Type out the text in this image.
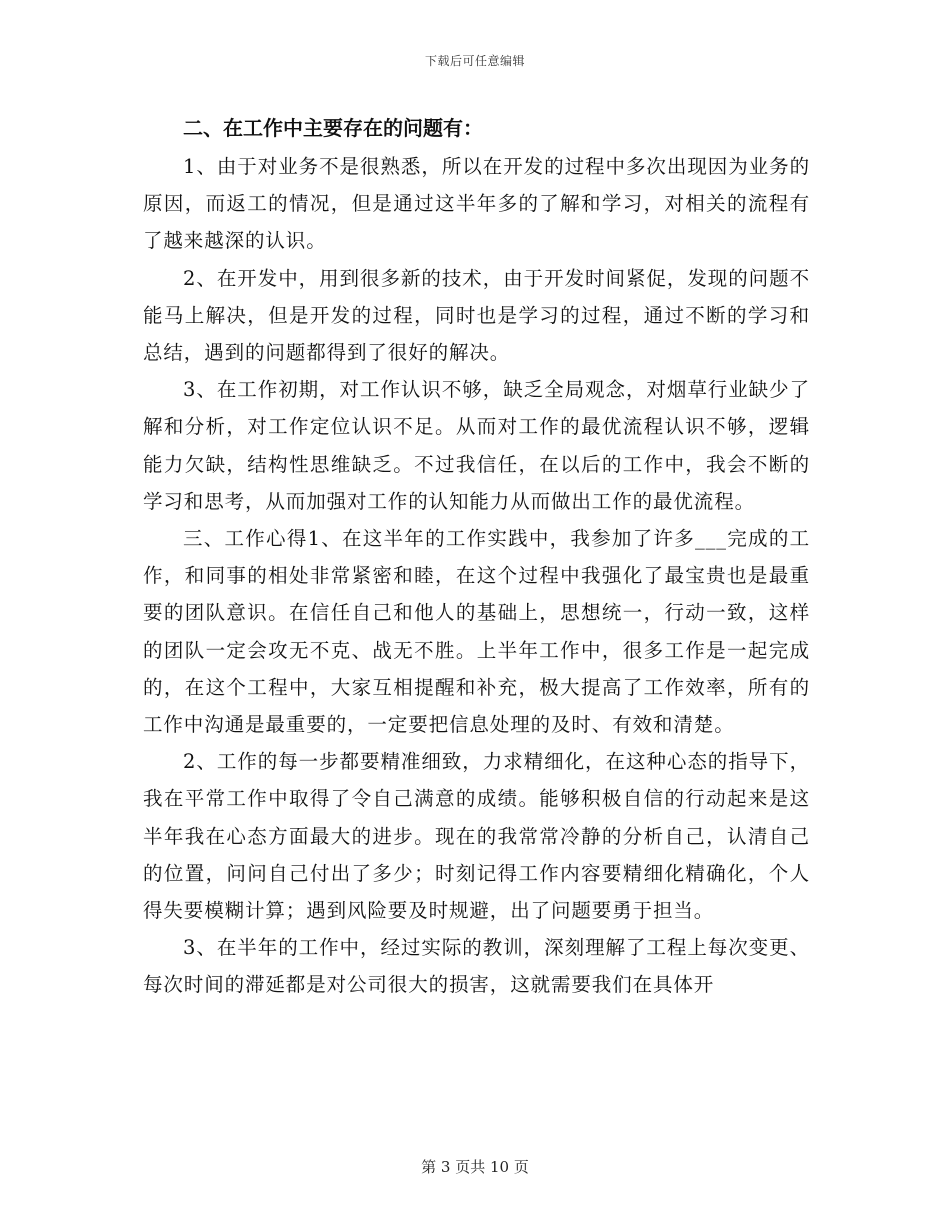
下载后可任意编辑

二、在工作中主要存在的问题有：

1、由于对业务不是很熟悉，所以在开发的过程中多次出现因为业务的原因，而返工的情况，但是通过这半年多的了解和学习，对相关的流程有了越来越深的认识。

2、在开发中，用到很多新的技术，由于开发时间紧促，发现的问题不能马上解决，但是开发的过程，同时也是学习的过程，通过不断的学习和总结，遇到的问题都得到了很好的解决。

3、在工作初期，对工作认识不够，缺乏全局观念，对烟草行业缺少了解和分析，对工作定位认识不足。从而对工作的最优流程认识不够，逻辑能力欠缺，结构性思维缺乏。不过我信任，在以后的工作中，我会不断的学习和思考，从而加强对工作的认知能力从而做出工作的最优流程。

三、工作心得1、在这半年的工作实践中，我参加了许多___完成的工作，和同事的相处非常紧密和睦，在这个过程中我强化了最宝贵也是最重要的团队意识。在信任自己和他人的基础上，思想统一，行动一致，这样的团队一定会攻无不克、战无不胜。上半年工作中，很多工作是一起完成的，在这个工程中，大家互相提醒和补充，极大提高了工作效率，所有的工作中沟通是最重要的，一定要把信息处理的及时、有效和清楚。

2、工作的每一步都要精准细致，力求精细化，在这种心态的指导下，我在平常工作中取得了令自己满意的成绩。能够积极自信的行动起来是这半年我在心态方面最大的进步。现在的我常常冷静的分析自己，认清自己的位置，问问自己付出了多少；时刻记得工作内容要精细化精确化，个人得失要模糊计算；遇到风险要及时规避，出了问题要勇于担当。

3、在半年的工作中，经过实际的教训，深刻理解了工程上每次变更、每次时间的滞延都是对公司很大的损害，这就需要我们在具体开

第 3 页共 10 页
